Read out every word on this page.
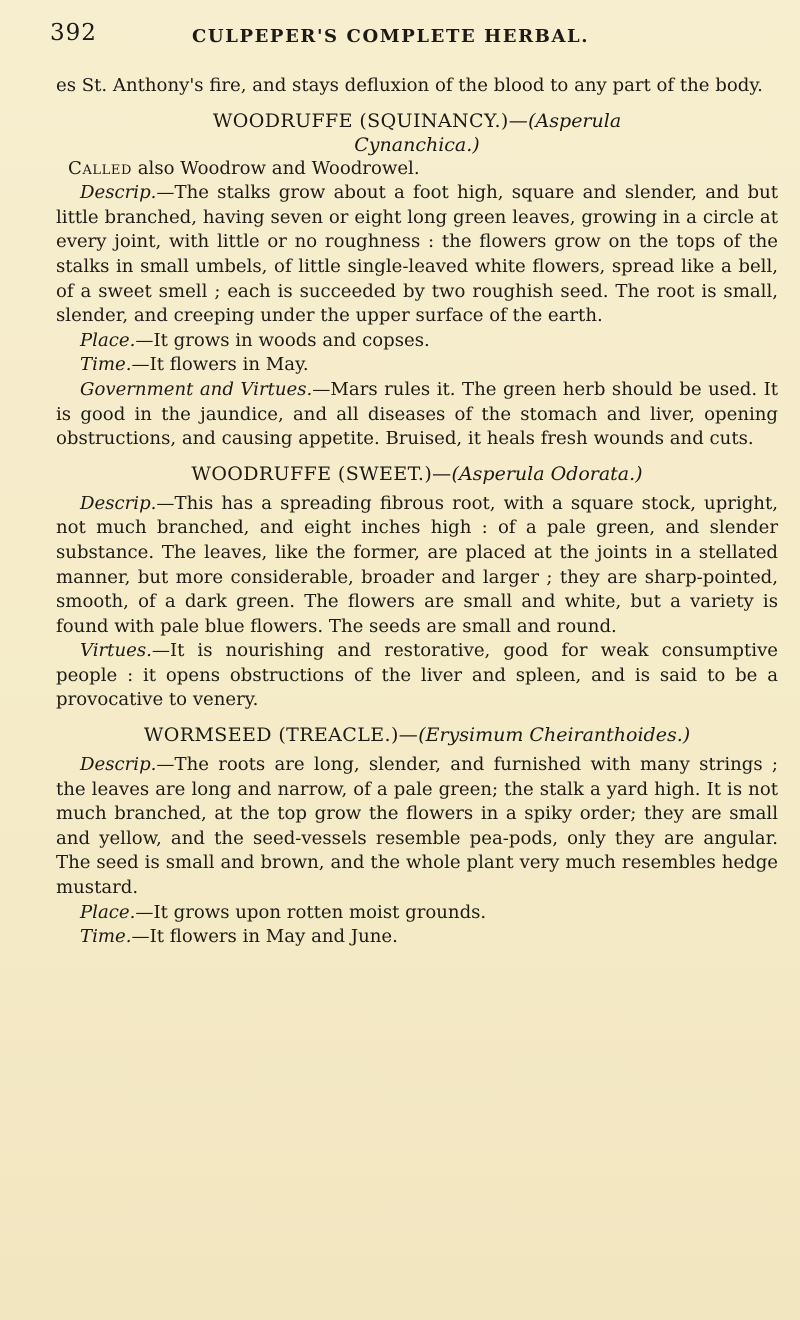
392	CULPEPER'S COMPLETE HERBAL.

es St. Anthony's fire, and stays defluxion of the blood to any part of the body.

WOODRUFFE (SQUINANCY.)—(Asperula
Cynanchica.)

Called also Woodrow and Woodrowel.

Descrip.—The stalks grow about a foot high, square and slender, and but little branched, having seven or eight long green leaves, growing in a circle at every joint, with little or no roughness : the flowers grow on the tops of the stalks in small umbels, of little single-leaved white flowers, spread like a bell, of a sweet smell ; each is succeeded by two roughish seed. The root is small, slender, and creeping under the upper surface of the earth.

Place.—It grows in woods and copses.

Time.—It flowers in May.

Government and Virtues.—Mars rules it. The green herb should be used. It is good in the jaundice, and all diseases of the stomach and liver, opening obstructions, and causing appetite. Bruised, it heals fresh wounds and cuts.

WOODRUFFE (SWEET.)—(Asperula Odorata.)

Descrip.—This has a spreading fibrous root, with a square stock, upright, not much branched, and eight inches high : of a pale green, and slender substance. The leaves, like the former, are placed at the joints in a stellated manner, but more considerable, broader and larger ; they are sharp-pointed, smooth, of a dark green. The flowers are small and white, but a variety is found with pale blue flowers. The seeds are small and round.

Virtues.—It is nourishing and restorative, good for weak consumptive people : it opens obstructions of the liver and spleen, and is said to be a provocative to venery.

WORMSEED (TREACLE.)—(Erysimum Cheiranthoides.)

Descrip.—The roots are long, slender, and furnished with many strings ; the leaves are long and narrow, of a pale green; the stalk a yard high. It is not much branched, at the top grow the flowers in a spiky order; they are small and yellow, and the seed-vessels resemble pea-pods, only they are angular. The seed is small and brown, and the whole plant very much resembles hedge mustard.

Place.—It grows upon rotten moist grounds.

Time.—It flowers in May and June.
